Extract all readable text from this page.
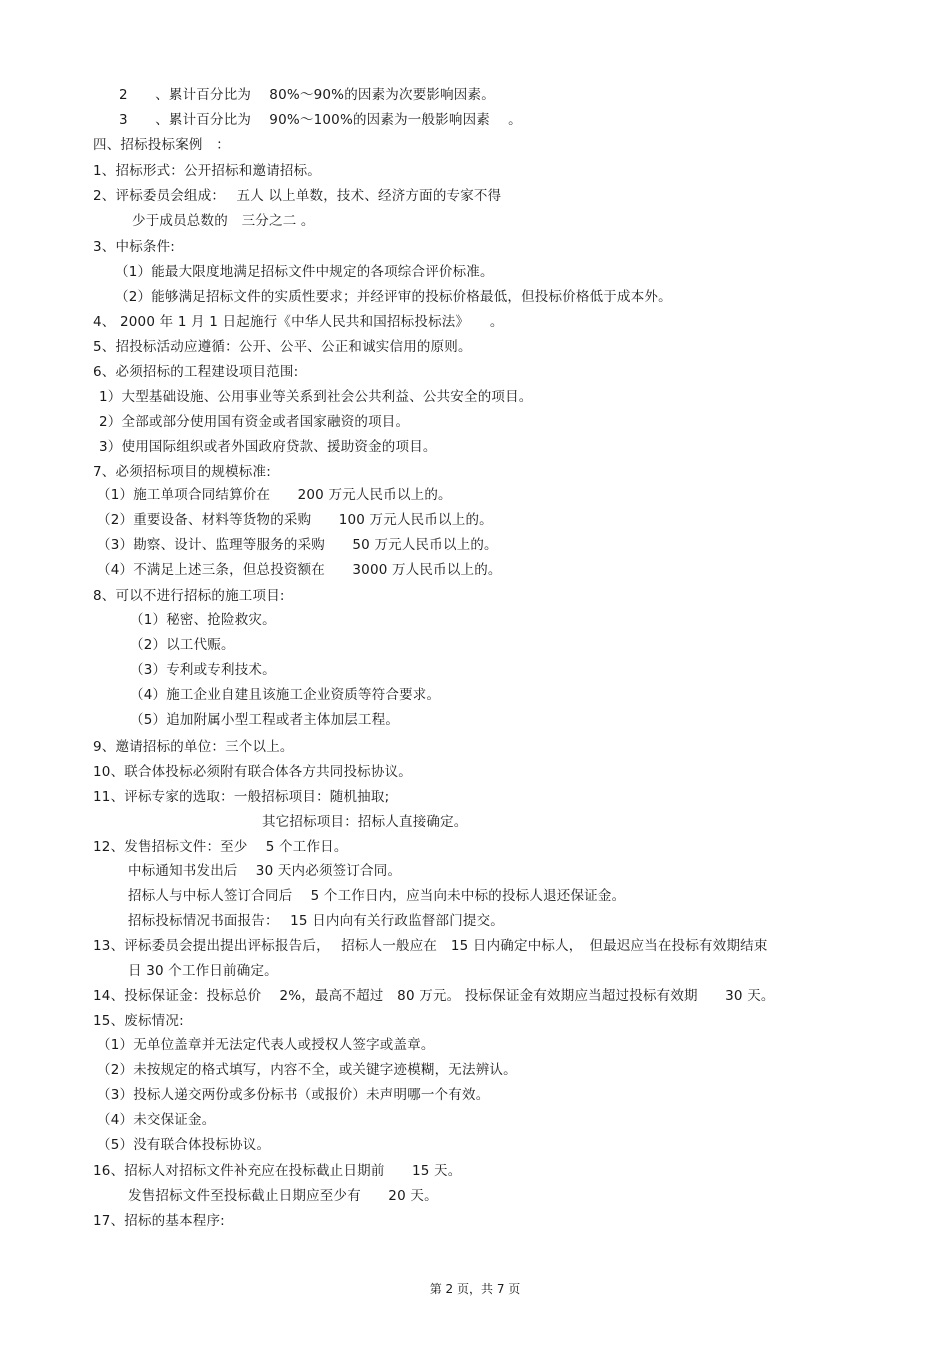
2　　、累计百分比为　 80%～90%的因素为次要影响因素。
3　　、累计百分比为　 90%～100%的因素为一般影响因素　 。
四、招标投标案例　：
1、招标形式：公开招标和邀请招标。
2、评标委员会组成：　 五人 以上单数，技术、经济方面的专家不得
少于成员总数的　三分之二 。
3、中标条件:
（1）能最大限度地满足招标文件中规定的各项综合评价标准。
（2）能够满足招标文件的实质性要求；并经评审的投标价格最低，但投标价格低于成本外。
4、 2000 年 1 月 1 日起施行《中华人民共和国招标投标法》　　。
5、招投标活动应遵循：公开、公平、公正和诚实信用的原则。
6、必须招标的工程建设项目范围:
1）大型基础设施、公用事业等关系到社会公共利益、公共安全的项目。
2）全部或部分使用国有资金或者国家融资的项目。
3）使用国际组织或者外国政府贷款、援助资金的项目。
7、必须招标项目的规模标准:
（1）施工单项合同结算价在　　200 万元人民币以上的。
（2）重要设备、材料等货物的采购　　100 万元人民币以上的。
（3）勘察、设计、监理等服务的采购　　50 万元人民币以上的。
（4）不满足上述三条，但总投资额在　　3000 万人民币以上的。
8、可以不进行招标的施工项目:
（1）秘密、抢险救灾。
（2）以工代赈。
（3）专利或专利技术。
（4）施工企业自建且该施工企业资质等符合要求。
（5）追加附属小型工程或者主体加层工程。
9、邀请招标的单位：三个以上。
10、联合体投标必须附有联合体各方共同投标协议。
11、评标专家的选取：一般招标项目：随机抽取;
其它招标项目：招标人直接确定。
12、发售招标文件：至少　 5 个工作日。
中标通知书发出后　 30 天内必须签订合同。
招标人与中标人签订合同后　 5 个工作日内，应当向未中标的投标人退还保证金。
招标投标情况书面报告：　 15 日内向有关行政监督部门提交。
13、评标委员会提出提出评标报告后，　 招标人一般应在　15 日内确定中标人，　但最迟应当在投标有效期结束
日 30 个工作日前确定。
14、投标保证金：投标总价　 2%，最高不超过　80 万元。 投标保证金有效期应当超过投标有效期　　30 天。
15、废标情况:
（1）无单位盖章并无法定代表人或授权人签字或盖章。
（2）未按规定的格式填写，内容不全，或关键字迹模糊，无法辨认。
（3）投标人递交两份或多份标书（或报价）未声明哪一个有效。
（4）未交保证金。
（5）没有联合体投标协议。
16、招标人对招标文件补充应在投标截止日期前　　15 天。
发售招标文件至投标截止日期应至少有　　20 天。
17、招标的基本程序:
第 2 页，共 7 页
